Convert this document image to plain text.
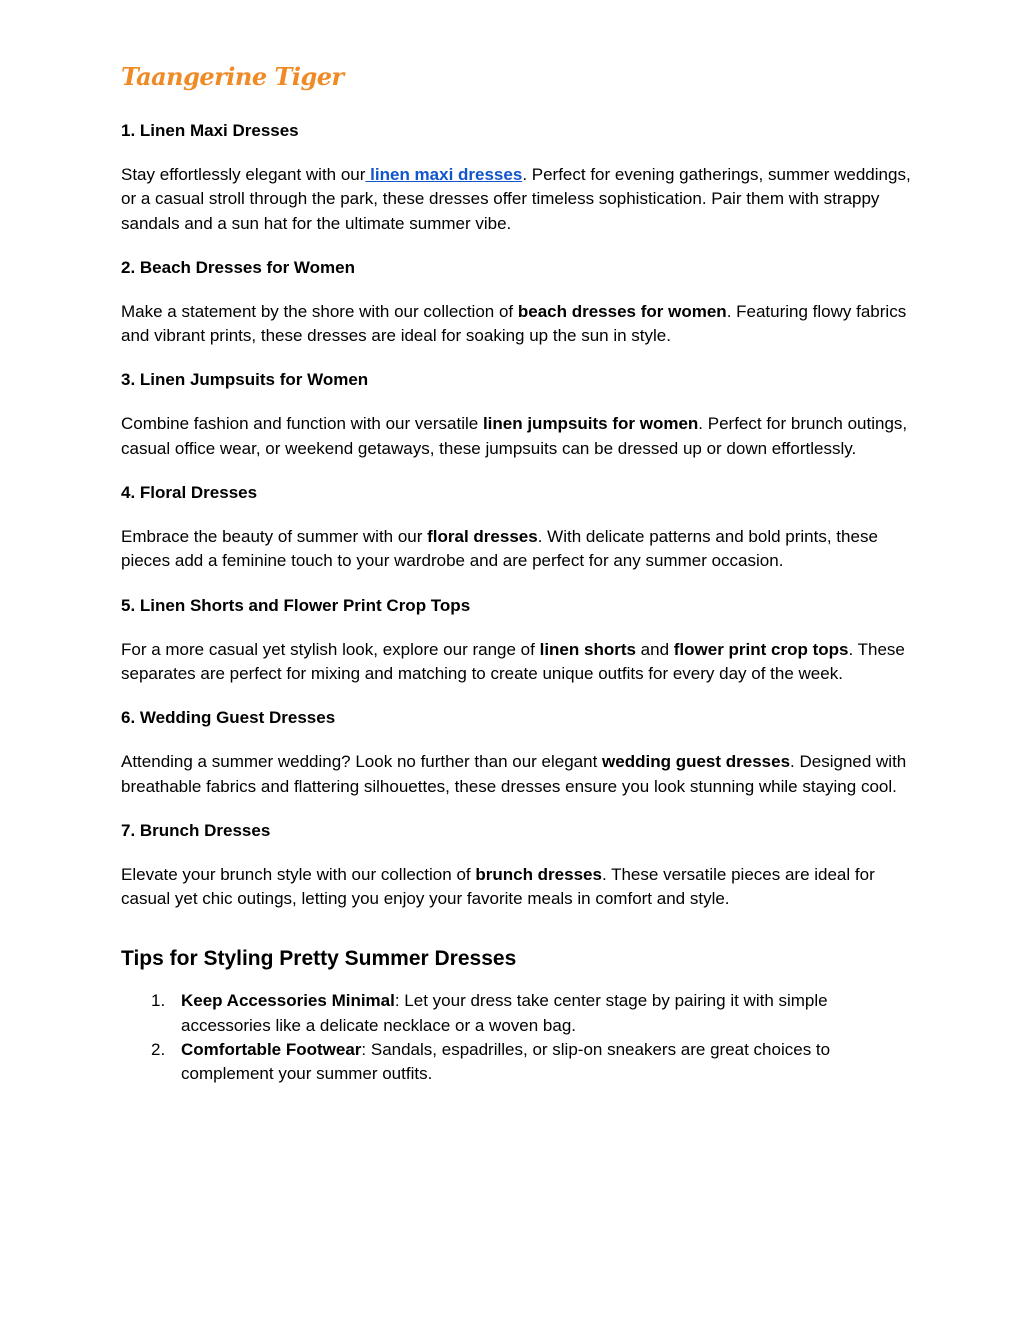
Taangerine Tiger
1. Linen Maxi Dresses

Stay effortlessly elegant with our linen maxi dresses. Perfect for evening gatherings, summer weddings, or a casual stroll through the park, these dresses offer timeless sophistication. Pair them with strappy sandals and a sun hat for the ultimate summer vibe.

2. Beach Dresses for Women

Make a statement by the shore with our collection of beach dresses for women. Featuring flowy fabrics and vibrant prints, these dresses are ideal for soaking up the sun in style.

3. Linen Jumpsuits for Women

Combine fashion and function with our versatile linen jumpsuits for women. Perfect for brunch outings, casual office wear, or weekend getaways, these jumpsuits can be dressed up or down effortlessly.

4. Floral Dresses

Embrace the beauty of summer with our floral dresses. With delicate patterns and bold prints, these pieces add a feminine touch to your wardrobe and are perfect for any summer occasion.

5. Linen Shorts and Flower Print Crop Tops

For a more casual yet stylish look, explore our range of linen shorts and flower print crop tops. These separates are perfect for mixing and matching to create unique outfits for every day of the week.

6. Wedding Guest Dresses

Attending a summer wedding? Look no further than our elegant wedding guest dresses. Designed with breathable fabrics and flattering silhouettes, these dresses ensure you look stunning while staying cool.

7. Brunch Dresses

Elevate your brunch style with our collection of brunch dresses. These versatile pieces are ideal for casual yet chic outings, letting you enjoy your favorite meals in comfort and style.

Tips for Styling Pretty Summer Dresses
1. Keep Accessories Minimal: Let your dress take center stage by pairing it with simple accessories like a delicate necklace or a woven bag.
2. Comfortable Footwear: Sandals, espadrilles, or slip-on sneakers are great choices to complement your summer outfits.
